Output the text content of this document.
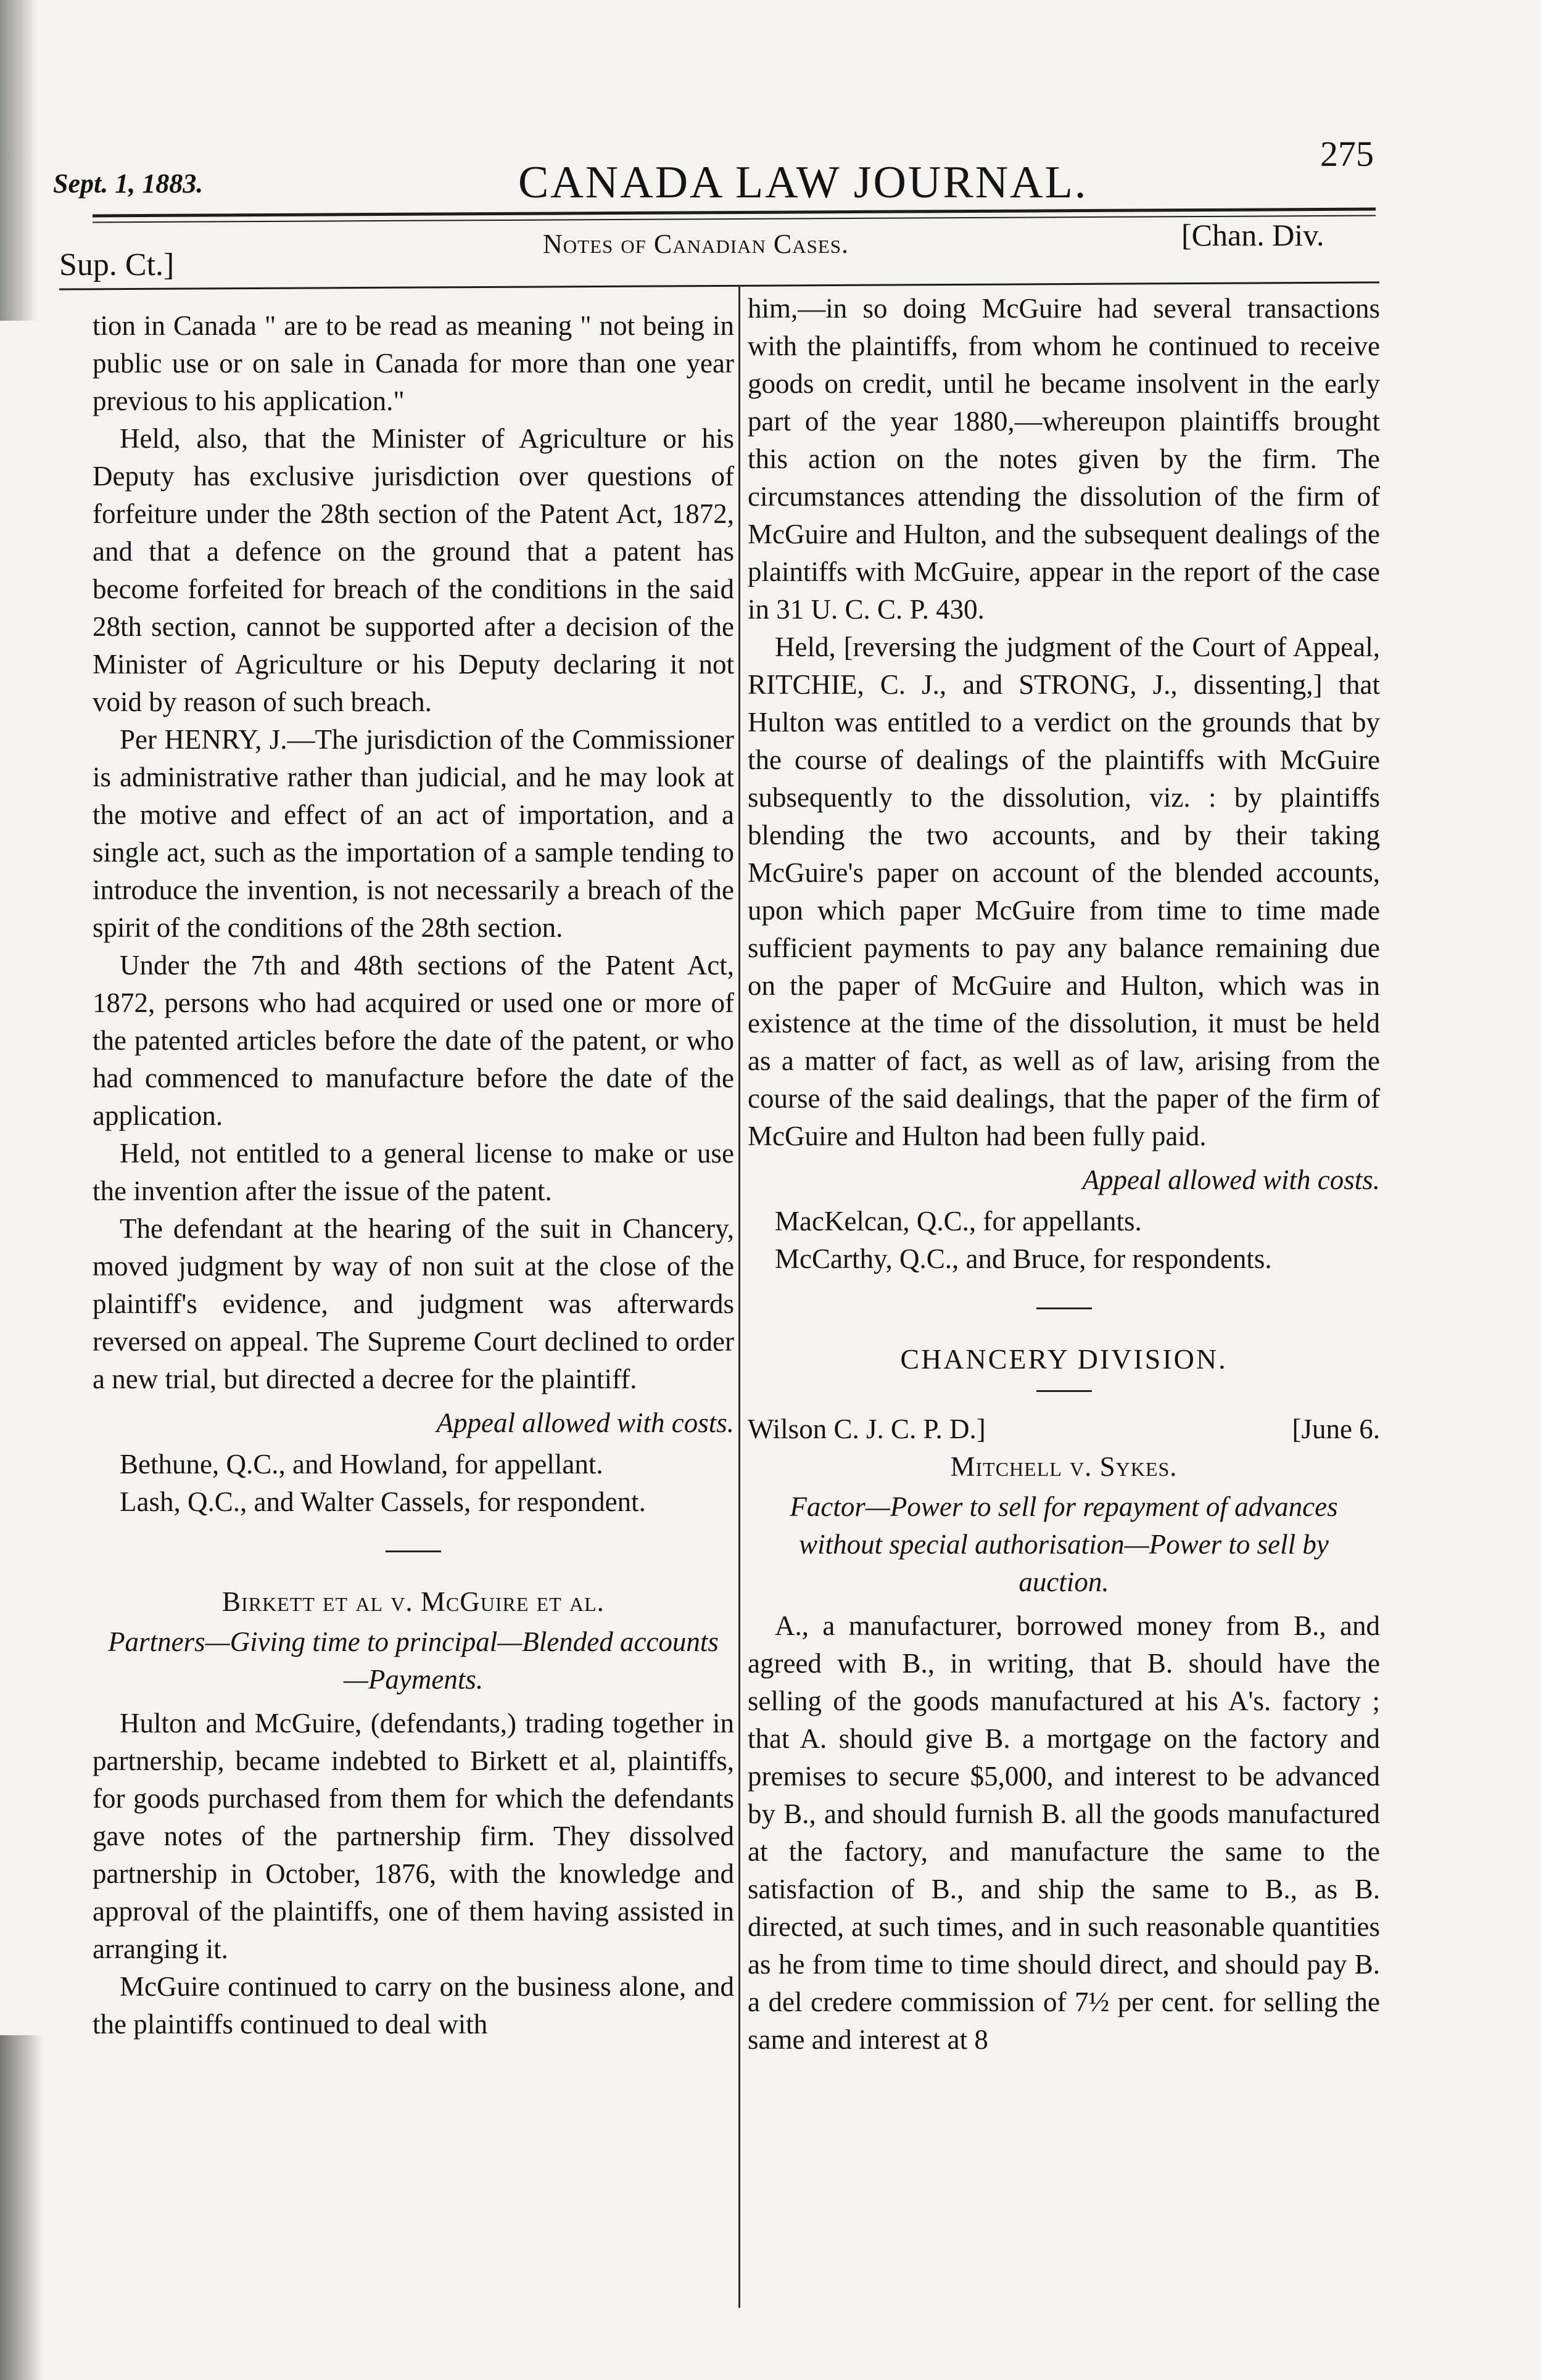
Sept. 1, 1883.	CANADA LAW JOURNAL.
275
Sup. Ct.]
Notes of Canadian Cases.	[Chan. Div.

tion in Canada " are to be read as meaning " not being in public use or on sale in Canada for more than one year previous to his application."

Held, also, that the Minister of Agriculture or his Deputy has exclusive jurisdiction over questions of forfeiture under the 28th section of the Patent Act, 1872, and that a defence on the ground that a patent has become forfeited for breach of the conditions in the said 28th section, cannot be supported after a decision of the Minister of Agriculture or his Deputy declaring it not void by reason of such breach.

Per HENRY, J.—The jurisdiction of the Commissioner is administrative rather than judicial, and he may look at the motive and effect of an act of importation, and a single act, such as the importation of a sample tending to introduce the invention, is not necessarily a breach of the spirit of the conditions of the 28th section.

Under the 7th and 48th sections of the Patent Act, 1872, persons who had acquired or used one or more of the patented articles before the date of the patent, or who had commenced to manufacture before the date of the application.

Held, not entitled to a general license to make or use the invention after the issue of the patent.

The defendant at the hearing of the suit in Chancery, moved judgment by way of non suit at the close of the plaintiff's evidence, and judgment was afterwards reversed on appeal. The Supreme Court declined to order a new trial, but directed a decree for the plaintiff.

Appeal allowed with costs.

Bethune, Q.C., and Howland, for appellant.

Lash, Q.C., and Walter Cassels, for respondent.

Birkett et al v. McGuire et al.
Partners—Giving time to principal—Blended accounts—Payments.

Hulton and McGuire, (defendants,) trading together in partnership, became indebted to Birkett et al, plaintiffs, for goods purchased from them for which the defendants gave notes of the partnership firm. They dissolved partnership in October, 1876, with the knowledge and approval of the plaintiffs, one of them having assisted in arranging it.

McGuire continued to carry on the business alone, and the plaintiffs continued to deal with

him,—in so doing McGuire had several transactions with the plaintiffs, from whom he continued to receive goods on credit, until he became insolvent in the early part of the year 1880,—whereupon plaintiffs brought this action on the notes given by the firm. The circumstances attending the dissolution of the firm of McGuire and Hulton, and the subsequent dealings of the plaintiffs with McGuire, appear in the report of the case in 31 U. C. C. P. 430.

Held, [reversing the judgment of the Court of Appeal, RITCHIE, C. J., and STRONG, J., dissenting,] that Hulton was entitled to a verdict on the grounds that by the course of dealings of the plaintiffs with McGuire subsequently to the dissolution, viz. : by plaintiffs blending the two accounts, and by their taking McGuire's paper on account of the blended accounts, upon which paper McGuire from time to time made sufficient payments to pay any balance remaining due on the paper of McGuire and Hulton, which was in existence at the time of the dissolution, it must be held as a matter of fact, as well as of law, arising from the course of the said dealings, that the paper of the firm of McGuire and Hulton had been fully paid.

Appeal allowed with costs.

MacKelcan, Q.C., for appellants.

McCarthy, Q.C., and Bruce, for respondents.

CHANCERY DIVISION.
Wilson C. J. C. P. D.]	[June 6.
Mitchell v. Sykes.
Factor—Power to sell for repayment of advances without special authorisation—Power to sell by auction.

A., a manufacturer, borrowed money from B., and agreed with B., in writing, that B. should have the selling of the goods manufactured at his A's. factory ; that A. should give B. a mortgage on the factory and premises to secure $5,000, and interest to be advanced by B., and should furnish B. all the goods manufactured at the factory, and manufacture the same to the satisfaction of B., and ship the same to B., as B. directed, at such times, and in such reasonable quantities as he from time to time should direct, and should pay B. a del credere commission of 7½ per cent. for selling the same and interest at 8
